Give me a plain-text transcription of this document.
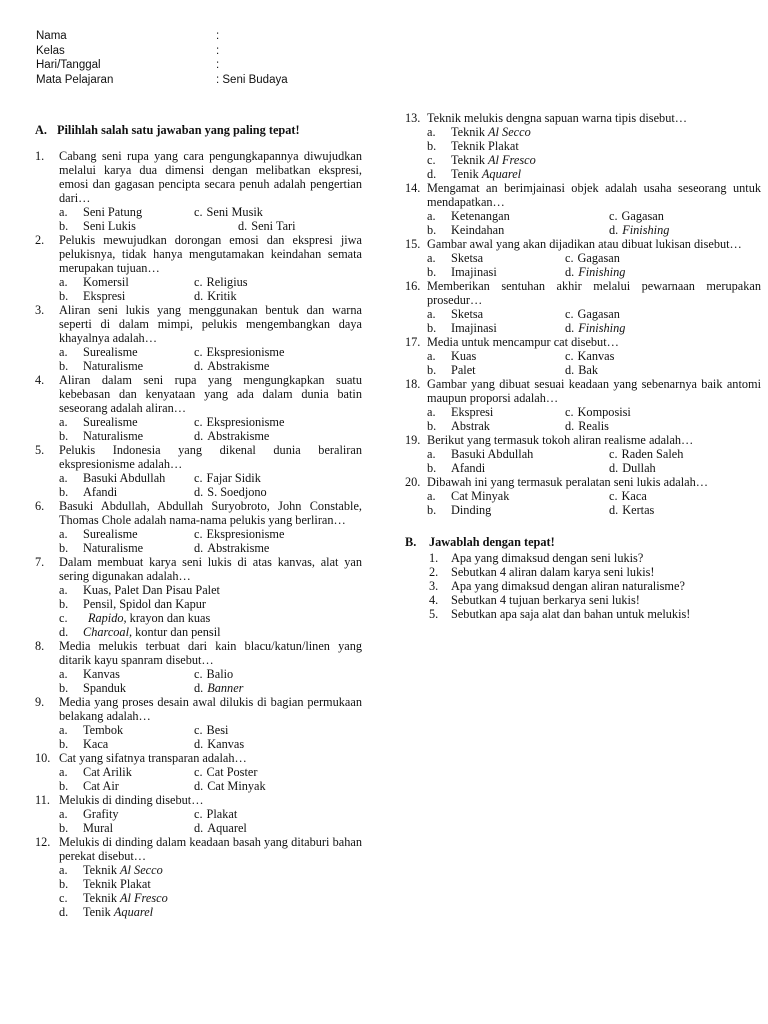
Nama	:
Kelas	:
Hari/Tanggal	:
Mata Pelajaran	: Seni Budaya
A. Pilihlah salah satu jawaban yang paling tepat!
1.	Cabang seni rupa yang cara pengungkapannya diwujudkan melalui karya dua dimensi dengan melibatkan ekspresi, emosi dan gagasan pencipta secara penuh adalah pengertian dari…
a.	Seni Patung	c. Seni Musik
b.	Seni Lukis	d. Seni Tari
2.	Pelukis mewujudkan dorongan emosi dan ekspresi jiwa pelukisnya, tidak hanya mengutamakan keindahan semata merupakan tujuan…
a.	Komersil	c. Religius
b.	Ekspresi	d. Kritik
3.	Aliran seni lukis yang menggunakan bentuk dan warna seperti di dalam mimpi, pelukis mengembangkan daya khayalnya adalah…
a.	Surealisme	c. Ekspresionisme
b.	Naturalisme	d. Abstrakisme
4.	Aliran dalam seni rupa yang mengungkapkan suatu kebebasan dan kenyataan yang ada dalam dunia batin seseorang adalah aliran…
a.	Surealisme	c. Ekspresionisme
b.	Naturalisme	d. Abstrakisme
5.	Pelukis Indonesia yang dikenal dunia beraliran ekspresionisme adalah…
a.	Basuki Abdullah c. Fajar Sidik
b.	Afandi	d. S. Soedjono
6.	Basuki Abdullah, Abdullah Suryobroto, John Constable, Thomas Chole adalah nama-nama pelukis yang berliran…
a.	Surealisme	c. Ekspresionisme
b.	Naturalisme	d. Abstrakisme
7.	Dalam membuat karya seni lukis di atas kanvas, alat yan sering digunakan adalah…
a.	Kuas, Palet Dan Pisau Palet
b.	Pensil, Spidol dan Kapur
c.	Rapido, krayon dan kuas
d.	Charcoal, kontur dan pensil
8.	Media melukis terbuat dari kain blacu/katun/linen yang ditarik kayu spanram disebut…
a.	Kanvas	c. Balio
b.	Spanduk	d. Banner
9.	Media yang proses desain awal dilukis di bagian permukaan belakang adalah…
a.	Tembok	c. Besi
b.	Kaca	d. Kanvas
10. Cat yang sifatnya transparan adalah…
a.	Cat Arilik	c. Cat Poster
b.	Cat Air	d. Cat Minyak
11. Melukis di dinding disebut…
a.	Grafity	c. Plakat
b.	Mural	d. Aquarel
12. Melukis di dinding dalam keadaan basah yang ditaburi bahan perekat disebut…
a.	Teknik Al Secco
b.	Teknik Plakat
c.	Teknik Al Fresco
d.	Tenik Aquarel
13. Teknik melukis dengna sapuan warna tipis disebut…
a.	Teknik Al Secco
b.	Teknik Plakat
c.	Teknik Al Fresco
d.	Tenik Aquarel
14. Mengamat an berimjainasi objek adalah usaha seseorang untuk mendapatkan…
a.	Ketenangan	c. Gagasan
b.	Keindahan	d. Finishing
15. Gambar awal yang akan dijadikan atau dibuat lukisan disebut…
a.	Sketsa	c. Gagasan
b.	Imajinasi	d. Finishing
16. Memberikan sentuhan akhir melalui pewarnaan merupakan prosedur…
a.	Sketsa	c. Gagasan
b.	Imajinasi	d. Finishing
17. Media untuk mencampur cat disebut…
a.	Kuas	c. Kanvas
b.	Palet	d. Bak
18. Gambar yang dibuat sesuai keadaan yang sebenarnya baik antomi maupun proporsi adalah…
a.	Ekspresi	c. Komposisi
b.	Abstrak	d. Realis
19. Berikut yang termasuk tokoh aliran realisme adalah…
a.	Basuki Abdullah	c. Raden Saleh
b.	Afandi	d. Dullah
20. Dibawah ini yang termasuk peralatan seni lukis adalah…
a.	Cat Minyak	c. Kaca
b.	Dinding	d. Kertas
B.	Jawablah dengan tepat!
1.	Apa yang dimaksud dengan seni lukis?
2.	Sebutkan 4 aliran dalam karya seni lukis!
3.	Apa yang dimaksud dengan aliran naturalisme?
4.	Sebutkan 4 tujuan berkarya seni lukis!
5.	Sebutkan apa saja alat dan bahan untuk melukis!
